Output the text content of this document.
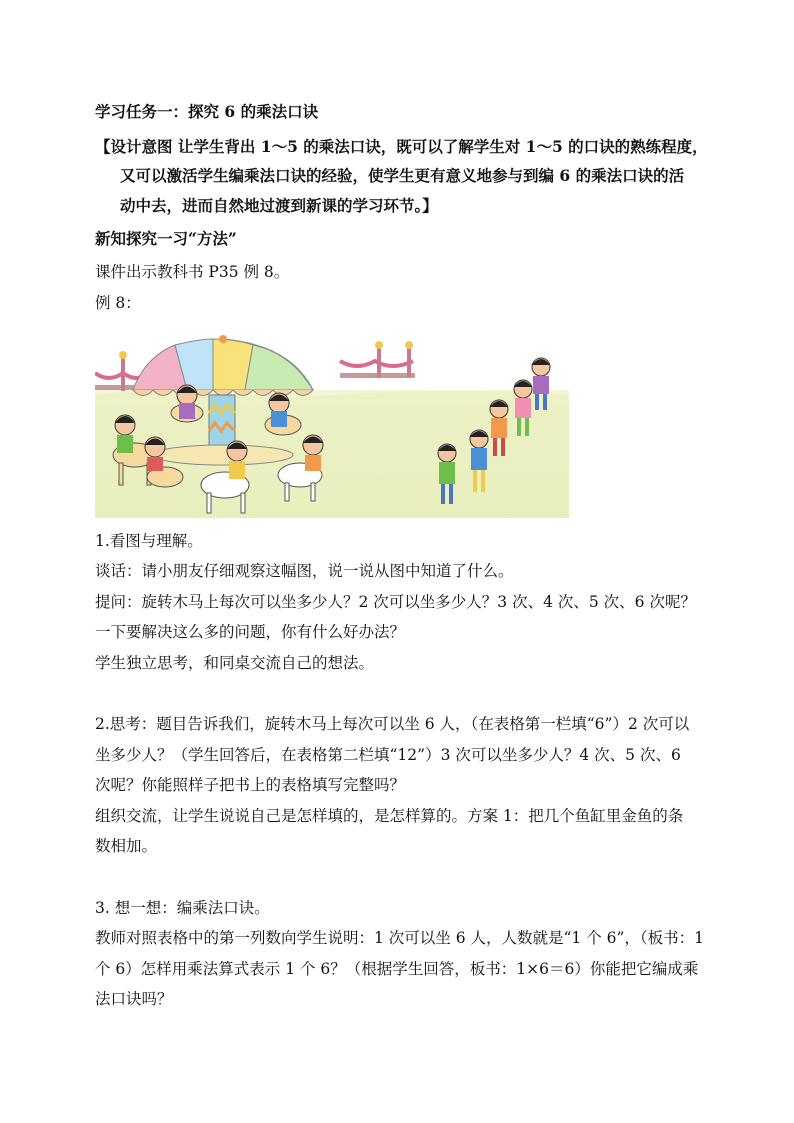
学习任务一：探究 6 的乘法口诀
【设计意图 让学生背出 1～5 的乘法口诀，既可以了解学生对 1～5 的口诀的熟练程度，
又可以激活学生编乘法口诀的经验，使学生更有意义地参与到编 6 的乘法口诀的活
动中去，进而自然地过渡到新课的学习环节。】
新知探究一习“方法”
课件出示教科书 P35 例 8。
例 8：
1.看图与理解。
谈话：请小朋友仔细观察这幅图，说一说从图中知道了什么。
提问：旋转木马上每次可以坐多少人？2 次可以坐多少人？3 次、4 次、5 次、6 次呢？
一下要解决这么多的问题，你有什么好办法？
学生独立思考，和同桌交流自己的想法。
2.思考：题目告诉我们，旋转木马上每次可以坐 6 人，（在表格第一栏填“6”）2 次可以
坐多少人？（学生回答后，在表格第二栏填“12”）3 次可以坐多少人？4 次、5 次、6
次呢？你能照样子把书上的表格填写完整吗？
组织交流，让学生说说自己是怎样填的，是怎样算的。方案 1：把几个鱼缸里金鱼的条
数相加。
3. 想一想：编乘法口诀。
教师对照表格中的第一列数向学生说明：1 次可以坐 6 人，人数就是“1 个 6”，（板书：1
个 6）怎样用乘法算式表示 1 个 6？（根据学生回答，板书：1×6＝6）你能把它编成乘
法口诀吗？
